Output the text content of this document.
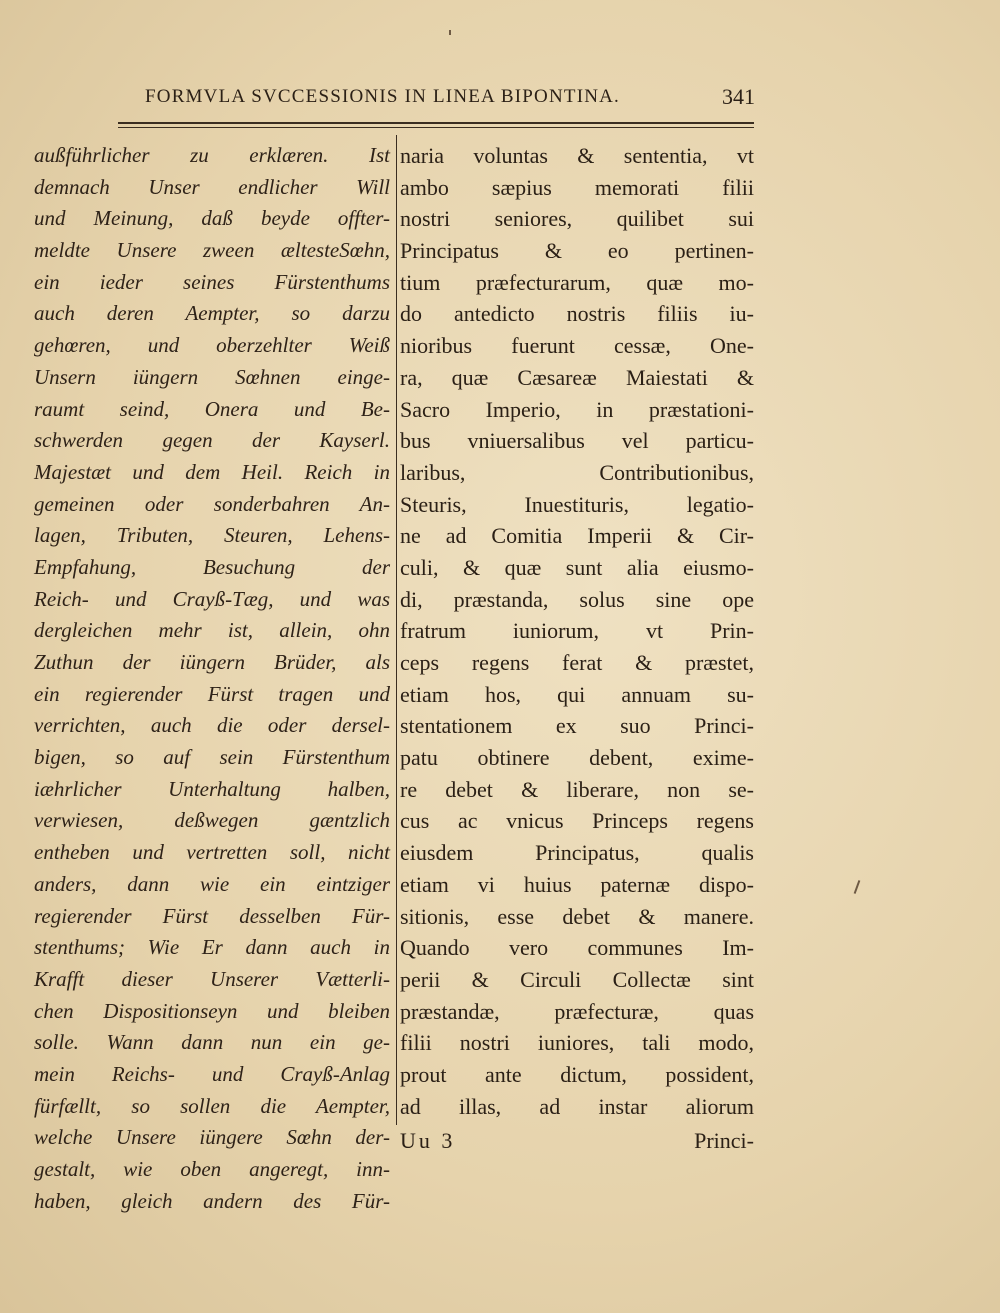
FORMVLA SVCCESSIONIS IN LINEA BIPONTINA.	341
außführlicher zu erklæren. Ist
demnach Unser endlicher Will
und Meinung, daß beyde offter-
meldte Unsere zween æltesteSœhn,
ein ieder seines Fürstenthums
auch deren Aempter, so darzu
gehœren, und oberzehlter Weiß
Unsern iüngern Sœhnen einge-
raumt seind, Onera und Be-
schwerden gegen der Kayserl.
Majestæt und dem Heil. Reich in
gemeinen oder sonderbahren An-
lagen, Tributen, Steuren, Lehens-
Empfahung, Besuchung der
Reich- und Crayß-Tæg, und was
dergleichen mehr ist, allein, ohn
Zuthun der iüngern Brüder, als
ein regierender Fürst tragen und
verrichten, auch die oder dersel-
bigen, so auf sein Fürstenthum
iæhrlicher Unterhaltung halben,
verwiesen, deßwegen gæntzlich
entheben und vertretten soll, nicht
anders, dann wie ein eintziger
regierender Fürst desselben Für-
stenthums; Wie Er dann auch in
Krafft dieser Unserer Vætterli-
chen Dispositionseyn und bleiben
solle. Wann dann nun ein ge-
mein Reichs- und Crayß-Anlag
fürfællt, so sollen die Aempter,
welche Unsere iüngere Sœhn der-
gestalt, wie oben angeregt, inn-
haben, gleich andern des Für-
naria voluntas & sententia, vt
ambo sæpius memorati filii
nostri seniores, quilibet sui
Principatus & eo pertinen-
tium præfecturarum, quæ mo-
do antedicto nostris filiis iu-
nioribus fuerunt cessæ, One-
ra, quæ Cæsareæ Maiestati &
Sacro Imperio, in præstationi-
bus vniuersalibus vel particu-
laribus, Contributionibus,
Steuris, Inuestituris, legatio-
ne ad Comitia Imperii & Cir-
culi, & quæ sunt alia eiusmo-
di, præstanda, solus sine ope
fratrum iuniorum, vt Prin-
ceps regens ferat & præstet,
etiam hos, qui annuam su-
stentationem ex suo Princi-
patu obtinere debent, exime-
re debet & liberare, non se-
cus ac vnicus Princeps regens
eiusdem Principatus, qualis
etiam vi huius paternæ dispo-
sitionis, esse debet & manere.
Quando vero communes Im-
perii & Circuli Collectæ sint
præstandæ, præfecturæ, quas
filii nostri iuniores, tali modo,
prout ante dictum, possident,
ad illas, ad instar aliorum
Uu 3	Princi-
